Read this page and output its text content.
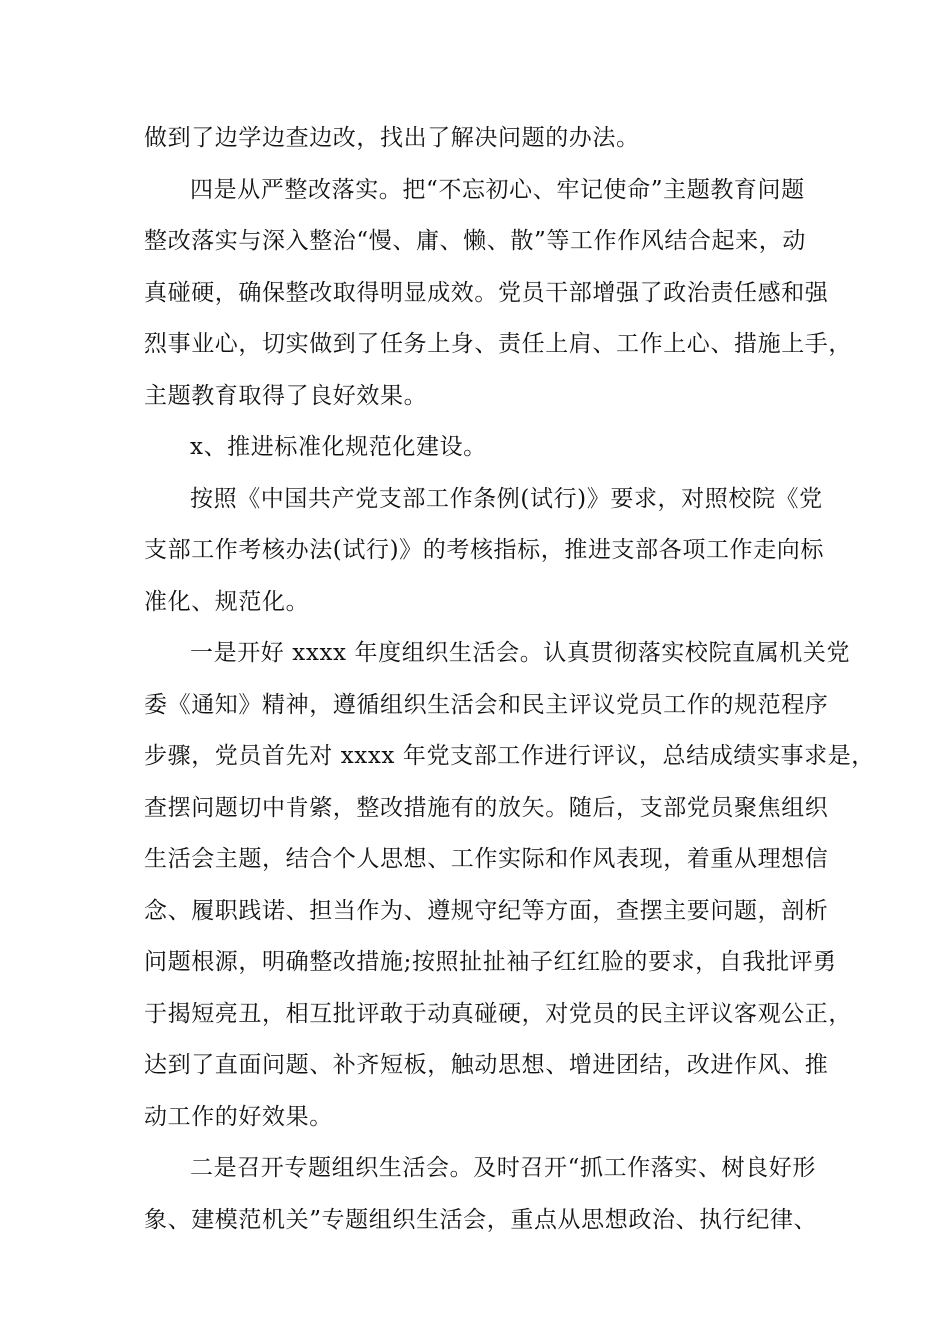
做到了边学边查边改，找出了解决问题的办法。
四是从严整改落实。把“不忘初心、牢记使命”主题教育问题
整改落实与深入整治“慢、庸、懒、散”等工作作风结合起来，动
真碰硬，确保整改取得明显成效。党员干部增强了政治责任感和强
烈事业心，切实做到了任务上身、责任上肩、工作上心、措施上手，
主题教育取得了良好效果。
x、推进标准化规范化建设。
按照《中国共产党支部工作条例(试行)》要求，对照校院《党
支部工作考核办法(试行)》的考核指标，推进支部各项工作走向标
准化、规范化。
一是开好 xxxx 年度组织生活会。认真贯彻落实校院直属机关党
委《通知》精神，遵循组织生活会和民主评议党员工作的规范程序
步骤，党员首先对 xxxx 年党支部工作进行评议，总结成绩实事求是，
查摆问题切中肯綮，整改措施有的放矢。随后，支部党员聚焦组织
生活会主题，结合个人思想、工作实际和作风表现，着重从理想信
念、履职践诺、担当作为、遵规守纪等方面，查摆主要问题，剖析
问题根源，明确整改措施;按照扯扯袖子红红脸的要求，自我批评勇
于揭短亮丑，相互批评敢于动真碰硬，对党员的民主评议客观公正，
达到了直面问题、补齐短板，触动思想、增进团结，改进作风、推
动工作的好效果。
二是召开专题组织生活会。及时召开“抓工作落实、树良好形
象、建模范机关”专题组织生活会，重点从思想政治、执行纪律、
